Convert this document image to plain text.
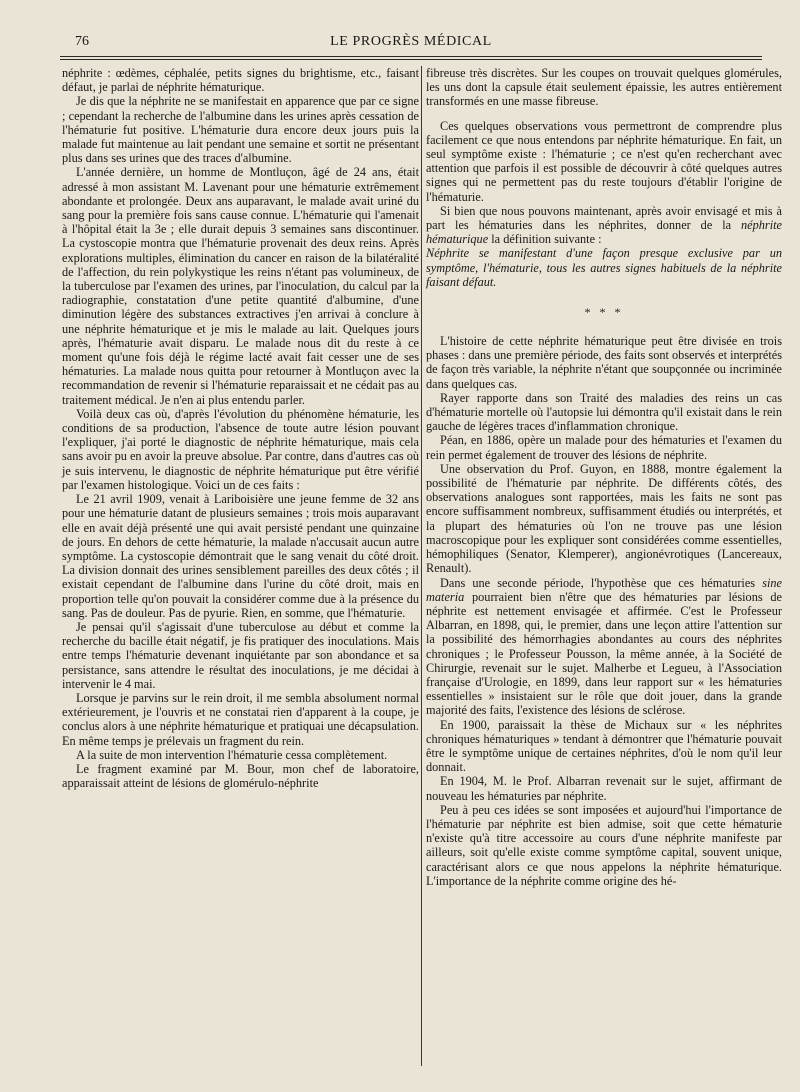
76	LE PROGRÈS MÉDICAL

néphrite : œdèmes, céphalée, petits signes du brightisme, etc., faisant défaut, je parlai de néphrite hématurique.

Je dis que la néphrite ne se manifestait en apparence que par ce signe ; cependant la recherche de l'albumine dans les urines après cessation de l'hématurie fut positive. L'hématurie dura encore deux jours puis la malade fut maintenue au lait pendant une semaine et sortit ne présentant plus dans ses urines que des traces d'albumine.

L'année dernière, un homme de Montluçon, âgé de 24 ans, était adressé à mon assistant M. Lavenant pour une hématurie extrêmement abondante et prolongée. Deux ans auparavant, le malade avait uriné du sang pour la première fois sans cause connue. L'hématurie qui l'amenait à l'hôpital était la 3e ; elle durait depuis 3 semaines sans discontinuer. La cystoscopie montra que l'hématurie provenait des deux reins. Après explorations multiples, élimination du cancer en raison de la bilatéralité de l'affection, du rein polykystique les reins n'étant pas volumineux, de la tuberculose par l'examen des urines, par l'inoculation, du calcul par la radiographie, constatation d'une petite quantité d'albumine, d'une diminution légère des substances extractives j'en arrivai à conclure à une néphrite hématurique et je mis le malade au lait. Quelques jours après, l'hématurie avait disparu. Le malade nous dit du reste à ce moment qu'une fois déjà le régime lacté avait fait cesser une de ses hématuries. La malade nous quitta pour retourner à Montluçon avec la recommandation de revenir si l'hématurie reparaissait et ne cédait pas au traitement médical. Je n'en ai plus entendu parler.

Voilà deux cas où, d'après l'évolution du phénomène hématurie, les conditions de sa production, l'absence de toute autre lésion pouvant l'expliquer, j'ai porté le diagnostic de néphrite hématurique, mais cela sans avoir pu en avoir la preuve absolue. Par contre, dans d'autres cas où je suis intervenu, le diagnostic de néphrite hématurique put être vérifié par l'examen histologique. Voici un de ces faits :

Le 21 avril 1909, venait à Lariboisière une jeune femme de 32 ans pour une hématurie datant de plusieurs semaines ; trois mois auparavant elle en avait déjà présenté une qui avait persisté pendant une quinzaine de jours. En dehors de cette hématurie, la malade n'accusait aucun autre symptôme. La cystoscopie démontrait que le sang venait du côté droit. La division donnait des urines sensiblement pareilles des deux côtés ; il existait cependant de l'albumine dans l'urine du côté droit, mais en proportion telle qu'on pouvait la considérer comme due à la présence du sang. Pas de douleur. Pas de pyurie. Rien, en somme, que l'hématurie.

Je pensai qu'il s'agissait d'une tuberculose au début et comme la recherche du bacille était négatif, je fis pratiquer des inoculations. Mais entre temps l'hématurie devenant inquiétante par son abondance et sa persistance, sans attendre le résultat des inoculations, je me décidai à intervenir le 4 mai.

Lorsque je parvins sur le rein droit, il me sembla absolument normal extérieurement, je l'ouvris et ne constatai rien d'apparent à la coupe, je conclus alors à une néphrite hématurique et pratiquai une décapsulation. En même temps je prélevais un fragment du rein.

A la suite de mon intervention l'hématurie cessa complètement.

Le fragment examiné par M. Bour, mon chef de laboratoire, apparaissait atteint de lésions de glomérulo-néphrite

fibreuse très discrètes. Sur les coupes on trouvait quelques glomérules, les uns dont la capsule était seulement épaissie, les autres entièrement transformés en une masse fibreuse.

Ces quelques observations vous permettront de comprendre plus facilement ce que nous entendons par néphrite hématurique. En fait, un seul symptôme existe : l'hématurie ; ce n'est qu'en recherchant avec attention que parfois il est possible de découvrir à côté quelques autres signes qui ne permettent pas du reste toujours d'établir l'origine de l'hématurie.

Si bien que nous pouvons maintenant, après avoir envisagé et mis à part les hématuries dans les néphrites, donner de la néphrite hématurique la définition suivante :

Néphrite se manifestant d'une façon presque exclusive par un symptôme, l'hématurie, tous les autres signes habituels de la néphrite faisant défaut.

* * *

L'histoire de cette néphrite hématurique peut être divisée en trois phases : dans une première période, des faits sont observés et interprétés de façon très variable, la néphrite n'étant que soupçonnée ou incriminée dans quelques cas.

Rayer rapporte dans son Traité des maladies des reins un cas d'hématurie mortelle où l'autopsie lui démontra qu'il existait dans le rein gauche de légères traces d'inflammation chronique.

Péan, en 1886, opère un malade pour des hématuries et l'examen du rein permet également de trouver des lésions de néphrite.

Une observation du Prof. Guyon, en 1888, montre également la possibilité de l'hématurie par néphrite. De différents côtés, des observations analogues sont rapportées, mais les faits ne sont pas encore suffisamment nombreux, suffisamment étudiés ou interprétés, et la plupart des hématuries où l'on ne trouve pas une lésion macroscopique pour les expliquer sont considérées comme essentielles, hémophiliques (Senator, Klemperer), angionévrotiques (Lancereaux, Renault).

Dans une seconde période, l'hypothèse que ces hématuries sine materia pourraient bien n'être que des hématuries par lésions de néphrite est nettement envisagée et affirmée. C'est le Professeur Albarran, en 1898, qui, le premier, dans une leçon attire l'attention sur la possibilité des hémorrhagies abondantes au cours des néphrites chroniques ; le Professeur Pousson, la même année, à la Société de Chirurgie, revenait sur le sujet. Malherbe et Legueu, à l'Association française d'Urologie, en 1899, dans leur rapport sur « les hématuries essentielles » insistaient sur le rôle que doit jouer, dans la grande majorité des faits, l'existence des lésions de sclérose.

En 1900, paraissait la thèse de Michaux sur « les néphrites chroniques hématuriques » tendant à démontrer que l'hématurie pouvait être le symptôme unique de certaines néphrites, d'où le nom qu'il leur donnait.

En 1904, M. le Prof. Albarran revenait sur le sujet, affirmant de nouveau les hématuries par néphrite.

Peu à peu ces idées se sont imposées et aujourd'hui l'importance de l'hématurie par néphrite est bien admise, soit que cette hématurie n'existe qu'à titre accessoire au cours d'une néphrite manifeste par ailleurs, soit qu'elle existe comme symptôme capital, souvent unique, caractérisant alors ce que nous appelons la néphrite hématurique. L'importance de la néphrite comme origine des hé-
